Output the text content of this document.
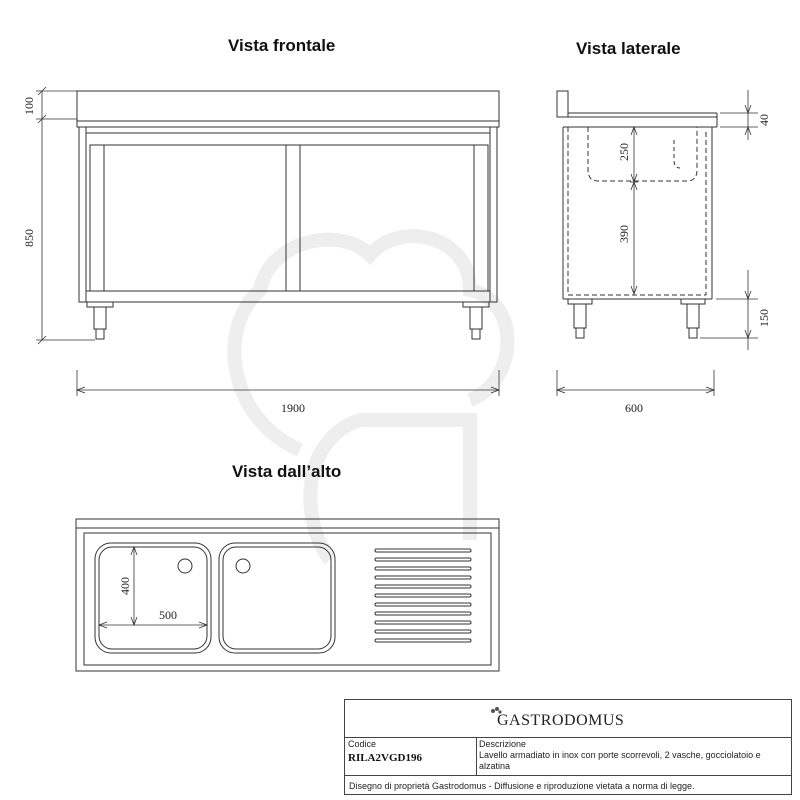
Vista frontale	Vista laterale
Vista dall’alto
100
850
40
250
390
150
400
1900	600
500
GASTRODOMUS
Codice
RILA2VGD196
Descrizione
Lavello armadiato in inox con porte scorrevoli, 2 vasche, gocciolatoio e alzatina
Disegno di proprietà Gastrodomus - Diffusione e riproduzione vietata a norma di legge.
